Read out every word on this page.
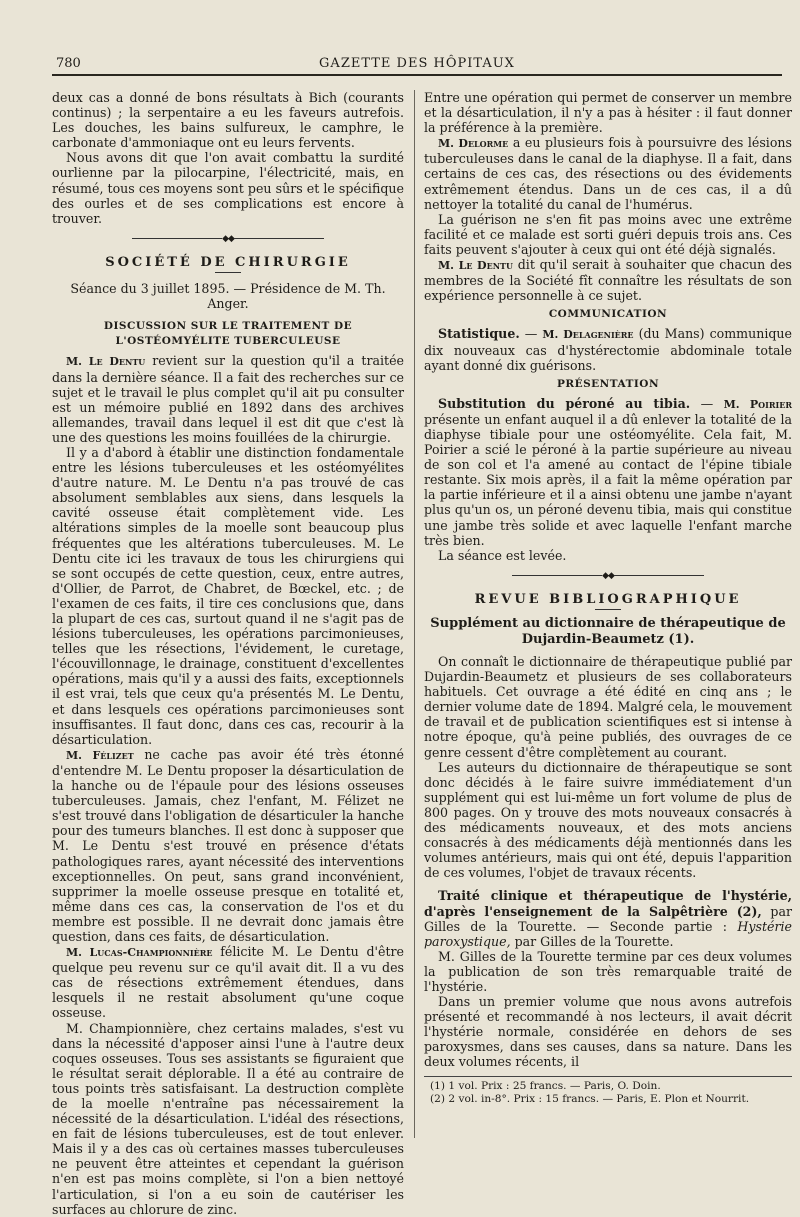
780	GAZETTE DES HÔPITAUX

deux cas a donné de bons résultats à Bich (courants continus) ; la serpentaire a eu les faveurs autrefois. Les douches, les bains sulfureux, le camphre, le carbonate d'ammoniaque ont eu leurs fervents.

Nous avons dit que l'on avait combattu la surdité ourlienne par la pilocarpine, l'électricité, mais, en résumé, tous ces moyens sont peu sûrs et le spécifique des ourles et de ses complications est encore à trouver.

◆◆
SOCIÉTÉ DE CHIRURGIE
Séance du 3 juillet 1895. — Présidence de M. Th. Anger.
DISCUSSION SUR LE TRAITEMENT DE L'OSTÉOMYÉLITE TUBERCULEUSE

M. Le Dentu revient sur la question qu'il a traitée dans la dernière séance. Il a fait des recherches sur ce sujet et le travail le plus complet qu'il ait pu consulter est un mémoire publié en 1892 dans des archives allemandes, travail dans lequel il est dit que c'est là une des questions les moins fouillées de la chirurgie.

Il y a d'abord à établir une distinction fondamentale entre les lésions tuberculeuses et les ostéomyélites d'autre nature. M. Le Dentu n'a pas trouvé de cas absolument semblables aux siens, dans lesquels la cavité osseuse était complètement vide. Les altérations simples de la moelle sont beaucoup plus fréquentes que les altérations tuberculeuses. M. Le Dentu cite ici les travaux de tous les chirurgiens qui se sont occupés de cette question, ceux, entre autres, d'Ollier, de Parrot, de Chabret, de Bœckel, etc. ; de l'examen de ces faits, il tire ces conclusions que, dans la plupart de ces cas, surtout quand il ne s'agit pas de lésions tuberculeuses, les opérations parcimonieuses, telles que les résections, l'évidement, le curetage, l'écouvillonnage, le drainage, constituent d'excellentes opérations, mais qu'il y a aussi des faits, exceptionnels il est vrai, tels que ceux qu'a présentés M. Le Dentu, et dans lesquels ces opérations parcimonieuses sont insuffisantes. Il faut donc, dans ces cas, recourir à la désarticulation.

M. Félizet ne cache pas avoir été très étonné d'entendre M. Le Dentu proposer la désarticulation de la hanche ou de l'épaule pour des lésions osseuses tuberculeuses. Jamais, chez l'enfant, M. Félizet ne s'est trouvé dans l'obligation de désarticuler la hanche pour des tumeurs blanches. Il est donc à supposer que M. Le Dentu s'est trouvé en présence d'états pathologiques rares, ayant nécessité des interventions exceptionnelles. On peut, sans grand inconvénient, supprimer la moelle osseuse presque en totalité et, même dans ces cas, la conservation de l'os et du membre est possible. Il ne devrait donc jamais être question, dans ces faits, de désarticulation.

M. Lucas-Championnière félicite M. Le Dentu d'être quelque peu revenu sur ce qu'il avait dit. Il a vu des cas de résections extrêmement étendues, dans lesquels il ne restait absolument qu'une coque osseuse.

M. Championnière, chez certains malades, s'est vu dans la nécessité d'apposer ainsi l'une à l'autre deux coques osseuses. Tous ses assistants se figuraient que le résultat serait déplorable. Il a été au contraire de tous points très satisfaisant. La destruction complète de la moelle n'entraîne pas nécessairement la nécessité de la désarticulation. L'idéal des résections, en fait de lésions tuberculeuses, est de tout enlever. Mais il y a des cas où certaines masses tuberculeuses ne peuvent être atteintes et cependant la guérison n'en est pas moins complète, si l'on a bien nettoyé l'articulation, si l'on a eu soin de cautériser les surfaces au chlorure de zinc.

Entre une opération qui permet de conserver un membre et la désarticulation, il n'y a pas à hésiter : il faut donner la préférence à la première.

M. Delorme a eu plusieurs fois à poursuivre des lésions tuberculeuses dans le canal de la diaphyse. Il a fait, dans certains de ces cas, des résections ou des évidements extrêmement étendus. Dans un de ces cas, il a dû nettoyer la totalité du canal de l'humérus.

La guérison ne s'en fit pas moins avec une extrême facilité et ce malade est sorti guéri depuis trois ans. Ces faits peuvent s'ajouter à ceux qui ont été déjà signalés.

M. Le Dentu dit qu'il serait à souhaiter que chacun des membres de la Société fît connaître les résultats de son expérience personnelle à ce sujet.

COMMUNICATION

Statistique. — M. Delagenière (du Mans) communique dix nouveaux cas d'hystérectomie abdominale totale ayant donné dix guérisons.

PRÉSENTATION

Substitution du péroné au tibia. — M. Poirier présente un enfant auquel il a dû enlever la totalité de la diaphyse tibiale pour une ostéomyélite. Cela fait, M. Poirier a scié le péroné à la partie supérieure au niveau de son col et l'a amené au contact de l'épine tibiale restante. Six mois après, il a fait la même opération par la partie inférieure et il a ainsi obtenu une jambe n'ayant plus qu'un os, un péroné devenu tibia, mais qui constitue une jambe très solide et avec laquelle l'enfant marche très bien.

La séance est levée.

◆◆
REVUE BIBLIOGRAPHIQUE
Supplément au dictionnaire de thérapeutique de Dujardin-Beaumetz (1).

On connaît le dictionnaire de thérapeutique publié par Dujardin-Beaumetz et plusieurs de ses collaborateurs habituels. Cet ouvrage a été édité en cinq ans ; le dernier volume date de 1894. Malgré cela, le mouvement de travail et de publication scientifiques est si intense à notre époque, qu'à peine publiés, des ouvrages de ce genre cessent d'être complètement au courant.

Les auteurs du dictionnaire de thérapeutique se sont donc décidés à le faire suivre immédiatement d'un supplément qui est lui-même un fort volume de plus de 800 pages. On y trouve des mots nouveaux consacrés à des médicaments nouveaux, et des mots anciens consacrés à des médicaments déjà mentionnés dans les volumes antérieurs, mais qui ont été, depuis l'apparition de ces volumes, l'objet de travaux récents.

Traité clinique et thérapeutique de l'hystérie, d'après l'enseignement de la Salpêtrière (2), par Gilles de la Tourette. — Seconde partie : Hystérie paroxystique, par Gilles de la Tourette.

M. Gilles de la Tourette termine par ces deux volumes la publication de son très remarquable traité de l'hystérie.

Dans un premier volume que nous avons autrefois présenté et recommandé à nos lecteurs, il avait décrit l'hystérie normale, considérée en dehors de ses paroxysmes, dans ses causes, dans sa nature. Dans les deux volumes récents, il

(1) 1 vol. Prix : 25 francs. — Paris, O. Doin.
(2) 2 vol. in-8°. Prix : 15 francs. — Paris, E. Plon et Nourrit.
